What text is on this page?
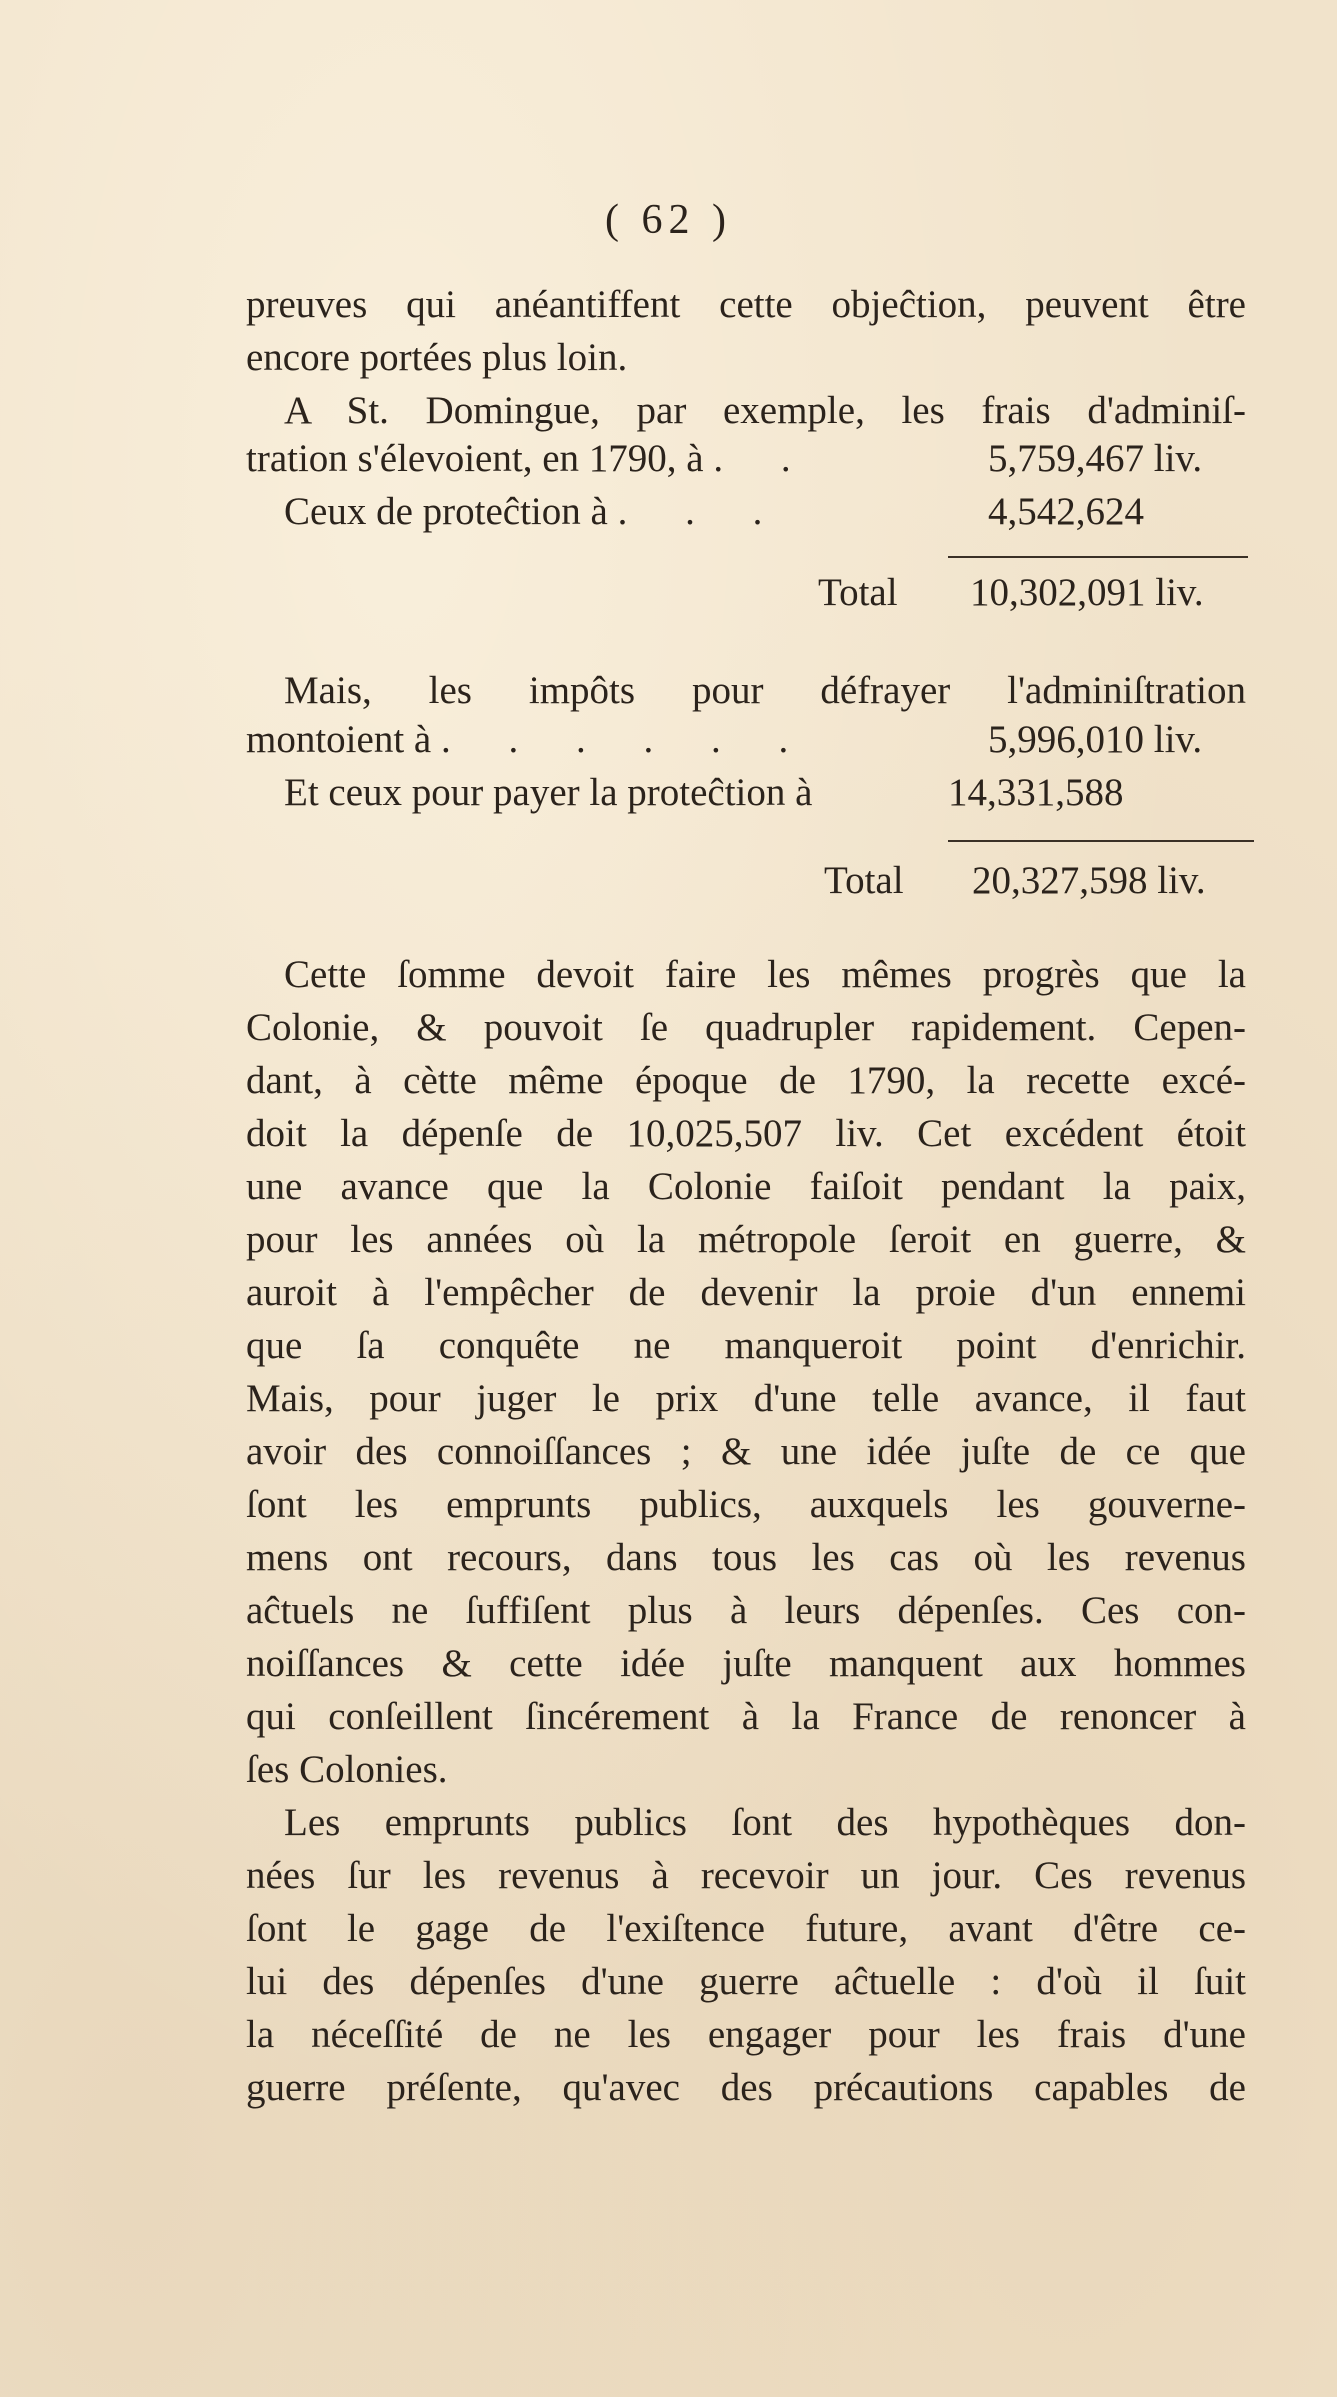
( 62 )
preuves qui anéantiffent cette objeĉtion, peuvent être
encore portées plus loin.
A St. Domingue, par exemple, les frais d'adminiſ-
tration s'élevoient, en 1790, à . .	5,759,467 liv.
Ceux de proteĉtion à . . .	4,542,624
Total 10,302,091 liv.
Mais, les impôts pour défrayer l'adminiſtration
montoient à . . . . . .	5,996,010 liv.
Et ceux pour payer la proteĉtion à	14,331,588
Total 20,327,598 liv.
Cette ſomme devoit faire les mêmes progrès que la
Colonie, & pouvoit ſe quadrupler rapidement. Cepen-
dant, à cètte même époque de 1790, la recette excé-
doit la dépenſe de 10,025,507 liv. Cet excédent étoit
une avance que la Colonie faiſoit pendant la paix,
pour les années où la métropole ſeroit en guerre, &
auroit à l'empêcher de devenir la proie d'un ennemi
que ſa conquête ne manqueroit point d'enrichir.
Mais, pour juger le prix d'une telle avance, il faut
avoir des connoiſſances ; & une idée juſte de ce que
ſont les emprunts publics, auxquels les gouverne-
mens ont recours, dans tous les cas où les revenus
aĉtuels ne ſuffiſent plus à leurs dépenſes. Ces con-
noiſſances & cette idée juſte manquent aux hommes
qui conſeillent ſincérement à la France de renoncer à
ſes Colonies.
Les emprunts publics ſont des hypothèques don-
nées ſur les revenus à recevoir un jour. Ces revenus
ſont le gage de l'exiſtence future, avant d'être ce-
lui des dépenſes d'une guerre aĉtuelle : d'où il ſuit
la néceſſité de ne les engager pour les frais d'une
guerre préſente, qu'avec des précautions capables de
